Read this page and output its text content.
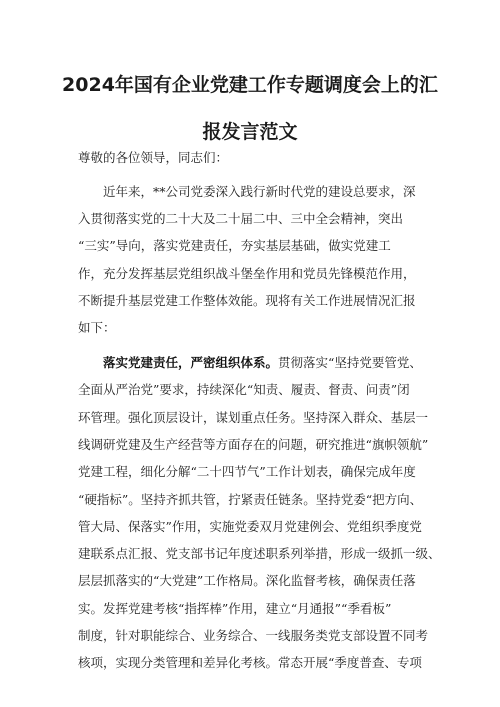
2024年国有企业党建工作专题调度会上的汇
报发言范文
尊敬的各位领导，同志们：
近年来，**公司党委深入践行新时代党的建设总要求，深
入贯彻落实党的二十大及二十届二中、三中全会精神，突出
“三实”导向，落实党建责任，夯实基层基础，做实党建工
作，充分发挥基层党组织战斗堡垒作用和党员先锋模范作用，
不断提升基层党建工作整体效能。现将有关工作进展情况汇报
如下：
落实党建责任，严密组织体系。贯彻落实“坚持党要管党、
全面从严治党”要求，持续深化“知责、履责、督责、问责”闭
环管理。强化顶层设计，谋划重点任务。坚持深入群众、基层一
线调研党建及生产经营等方面存在的问题，研究推进“旗帜领航”
党建工程，细化分解“二十四节气”工作计划表，确保完成年度
“硬指标”。坚持齐抓共管，拧紧责任链条。坚持党委“把方向、
管大局、保落实”作用，实施党委双月党建例会、党组织季度党
建联系点汇报、党支部书记年度述职系列举措，形成一级抓一级、
层层抓落实的“大党建”工作格局。深化监督考核，确保责任落
实。发挥党建考核“指挥棒”作用，建立“月通报”“季看板”
制度，针对职能综合、业务综合、一线服务类党支部设置不同考
核项，实现分类管理和差异化考核。常态开展“季度普查、专项
